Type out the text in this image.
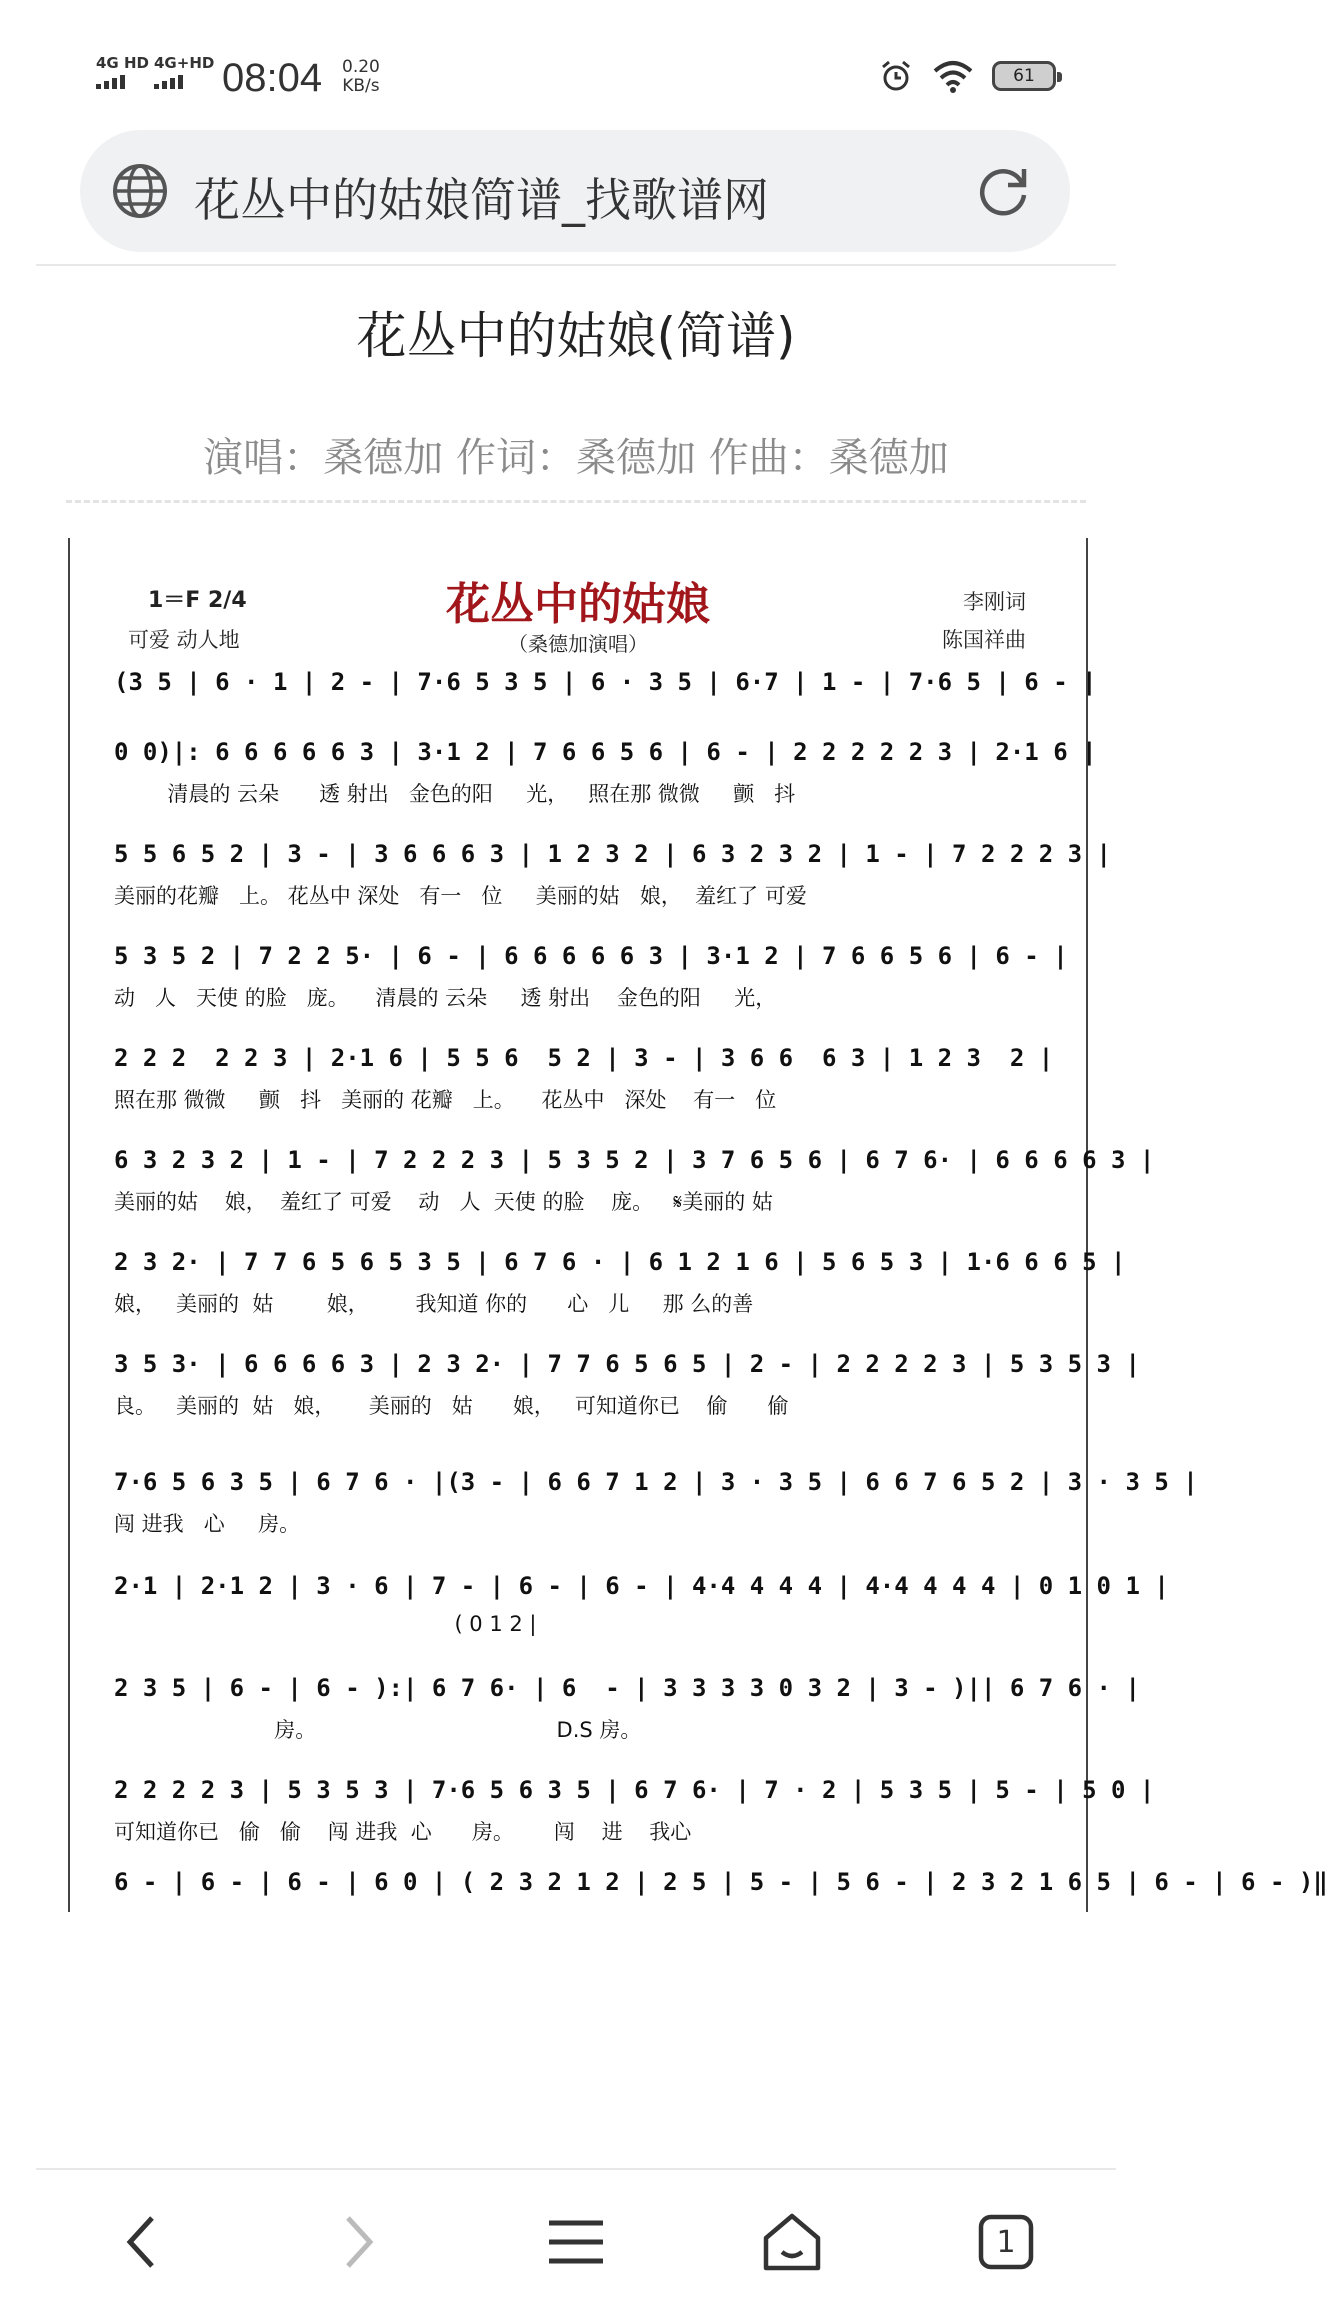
4G HD 4G+HD 08:04 0.20
KB/s	61
花丛中的姑娘简谱_找歌谱网
花丛中的姑娘(简谱)
演唱：桑德加 作词：桑德加 作曲：桑德加
1＝F 2/4
可爱 动人地
花丛中的姑娘
（桑德加演唱）
李刚词
陈国祥曲
(3 5 | 6 · 1 | 2 - | 7·6 5 3 5 | 6 · 3 5 | 6·7 | 1 - | 7·6 5 | 6 - |
0 0)|: 6 6 6 6 6 3 | 3·1 2 | 7 6 6 5 6 | 6 - | 2 2 2 2 2 3 | 2·1 6 |
清晨的 云朵      透 射出   金色的阳     光，   照在那 微微     颤   抖
5 5 6 5 2 | 3 - | 3 6 6 6 3 | 1 2 3 2 | 6 3 2 3 2 | 1 - | 7 2 2 2 3 |
美丽的花瓣   上。 花丛中 深处   有一   位     美丽的姑   娘，  羞红了 可爱
5 3 5 2 | 7 2 2 5· | 6 - | 6 6 6 6 6 3 | 3·1 2 | 7 6 6 5 6 | 6 - |
动   人   天使 的脸   庞。    清晨的 云朵     透 射出    金色的阳     光，
2 2 2  2 2 3 | 2·1 6 | 5 5 6  5 2 | 3 - | 3 6 6  6 3 | 1 2 3  2 |
照在那 微微     颤   抖   美丽的 花瓣   上。    花丛中   深处    有一   位
6 3 2 3 2 | 1 - | 7 2 2 2 3 | 5 3 5 2 | 3 7 6 5 6 | 6 7 6· | 6 6 6 6 3 |
美丽的姑    娘，  羞红了 可爱    动   人  天使 的脸    庞。   𝄋美丽的 姑
2 3 2· | 7 7 6 5 6 5 3 5 | 6 7 6 · | 6 1 2 1 6 | 5 6 5 3 | 1·6 6 6 5 |
娘，   美丽的  姑        娘，       我知道 你的      心   儿     那 么的善
3 5 3· | 6 6 6 6 3 | 2 3 2· | 7 7 6 5 6 5 | 2 - | 2 2 2 2 3 | 5 3 5 3 |
良。   美丽的  姑   娘，     美丽的   姑      娘，   可知道你已    偷      偷
7·6 5 6 3 5 | 6 7 6 · |(3 - | 6 6 7 1 2 | 3 · 3 5 | 6 6 7 6 5 2 | 3 · 3 5 |
闯 进我   心     房。
2·1 | 2·1 2 | 3 · 6 | 7 - | 6 - | 6 - | 4·4 4 4 4 | 4·4 4 4 4 | 0 1 0 1 |
( 0 1 2 |
2 3 5 | 6 - | 6 - ):| 6 7 6· | 6  - | 3 3 3 3 0 3 2 | 3 - )|| 6 7 6 · |
房。                                    D.S 房。
2 2 2 2 3 | 5 3 5 3 | 7·6 5 6 3 5 | 6 7 6· | 7 · 2 | 5 3 5 | 5 - | 5 0 |
可知道你已   偷   偷    闯 进我  心      房。      闯    进    我心
6 - | 6 - | 6 - | 6 0 | ( 2 3 2 1 2 | 2 5 | 5 - | 5 6 - | 2 3 2 1 6 5 | 6 - | 6 - )‖
1
